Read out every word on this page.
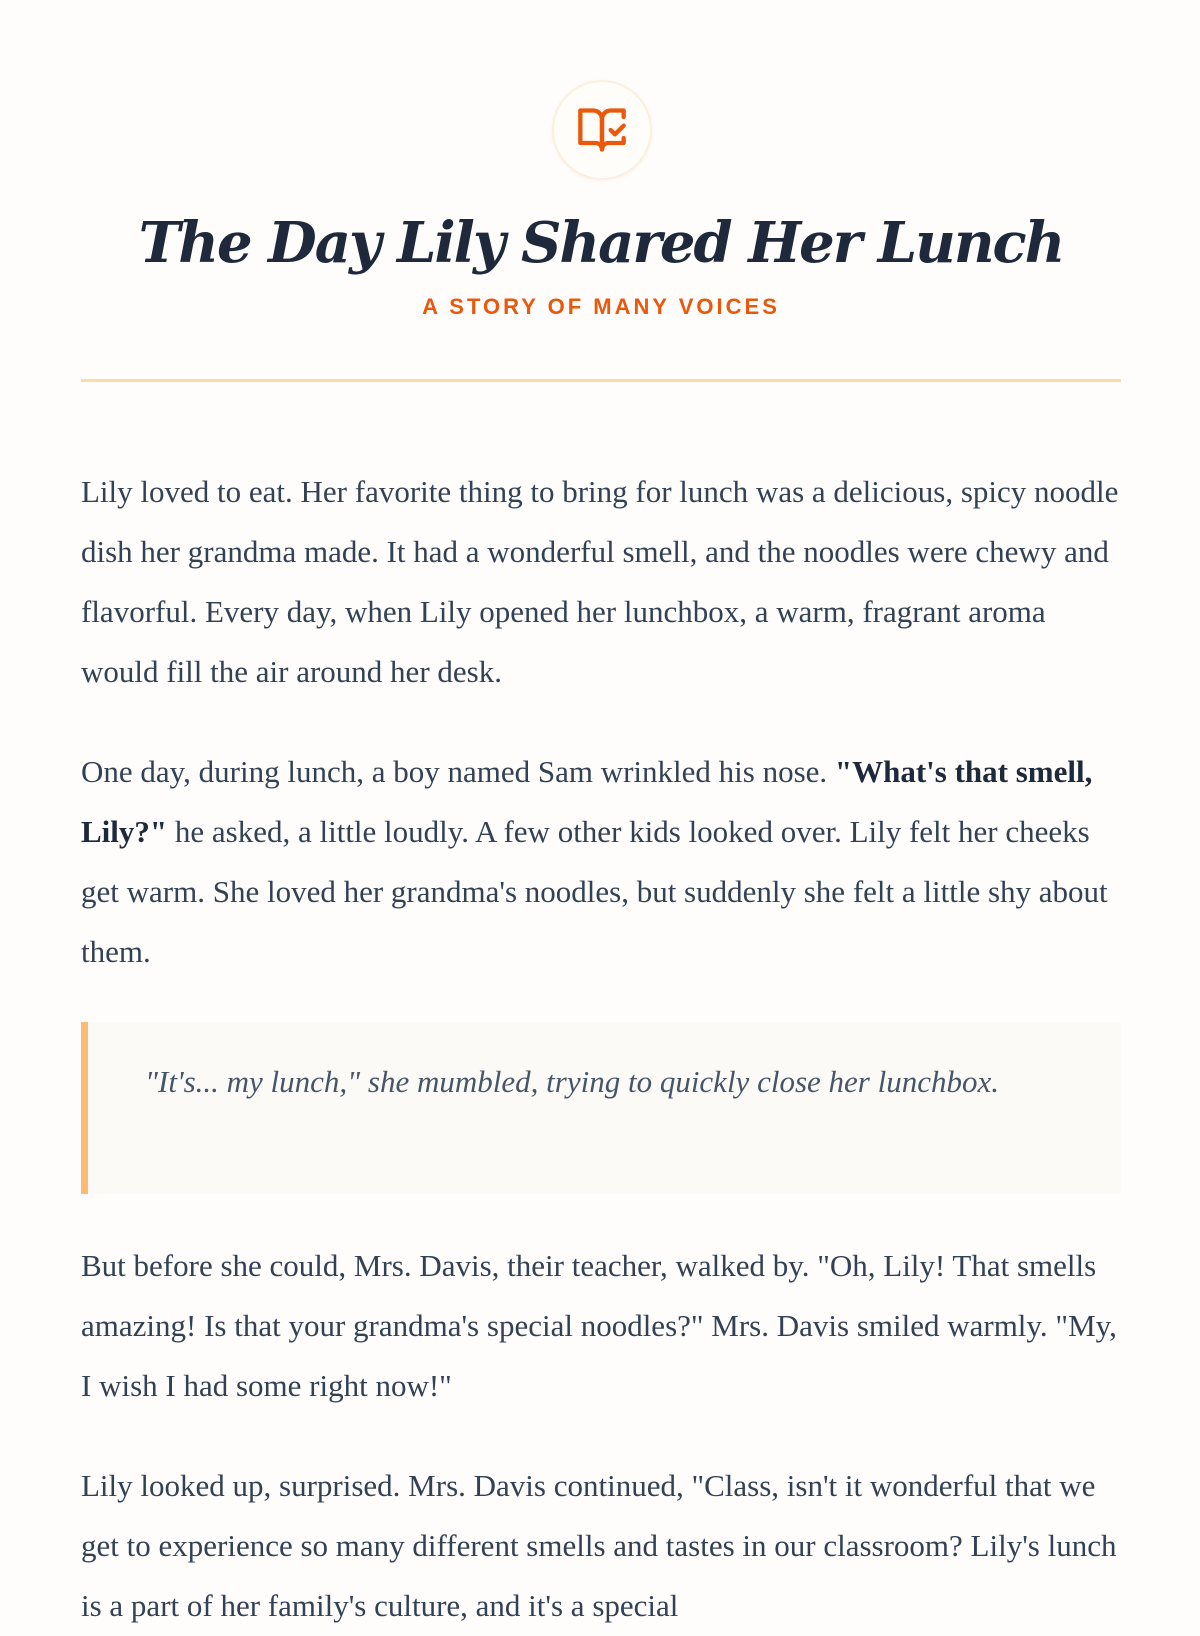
The Day Lily Shared Her Lunch
A STORY OF MANY VOICES

Lily loved to eat. Her favorite thing to bring for lunch was a delicious, spicy noodle dish her grandma made. It had a wonderful smell, and the noodles were chewy and flavorful. Every day, when Lily opened her lunchbox, a warm, fragrant aroma would fill the air around her desk.

One day, during lunch, a boy named Sam wrinkled his nose. "What's that smell, Lily?" he asked, a little loudly. A few other kids looked over. Lily felt her cheeks get warm. She loved her grandma's noodles, but suddenly she felt a little shy about them.

"It's... my lunch," she mumbled, trying to quickly close her lunchbox.

But before she could, Mrs. Davis, their teacher, walked by. "Oh, Lily! That smells amazing! Is that your grandma's special noodles?" Mrs. Davis smiled warmly. "My, I wish I had some right now!"

Lily looked up, surprised. Mrs. Davis continued, "Class, isn't it wonderful that we get to experience so many different smells and tastes in our classroom? Lily's lunch is a part of her family's culture, and it's a special
